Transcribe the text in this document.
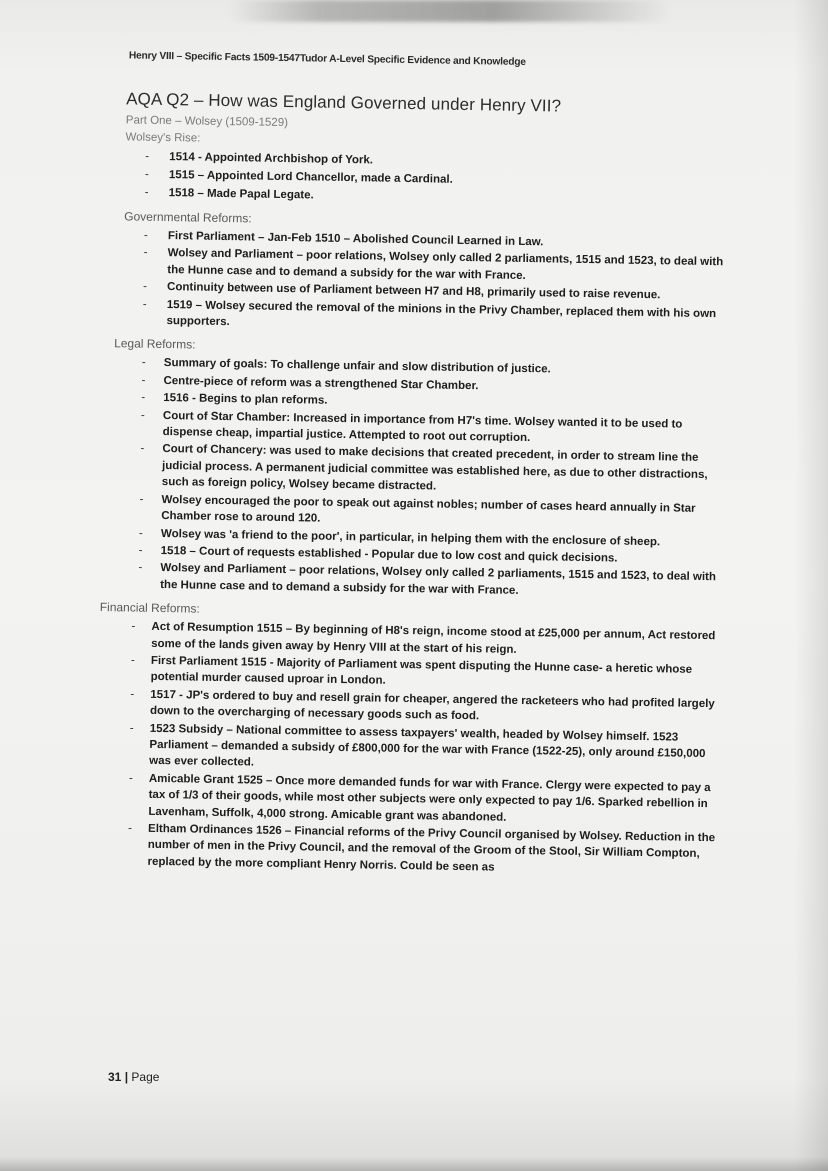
Henry VIII – Specific Facts 1509-1547Tudor A-Level Specific Evidence and Knowledge
AQA Q2 – How was England Governed under Henry VII?
Part One – Wolsey (1509-1529)
Wolsey's Rise:
- 1514 - Appointed Archbishop of York.
- 1515 – Appointed Lord Chancellor, made a Cardinal.
- 1518 – Made Papal Legate.
Governmental Reforms:
- First Parliament – Jan-Feb 1510 – Abolished Council Learned in Law.
- Wolsey and Parliament – poor relations, Wolsey only called 2 parliaments, 1515 and 1523, to deal with the Hunne case and to demand a subsidy for the war with France.
- Continuity between use of Parliament between H7 and H8, primarily used to raise revenue.
- 1519 – Wolsey secured the removal of the minions in the Privy Chamber, replaced them with his own supporters.
Legal Reforms:
- Summary of goals: To challenge unfair and slow distribution of justice.
- Centre-piece of reform was a strengthened Star Chamber.
- 1516 - Begins to plan reforms.
- Court of Star Chamber: Increased in importance from H7's time. Wolsey wanted it to be used to dispense cheap, impartial justice. Attempted to root out corruption.
- Court of Chancery: was used to make decisions that created precedent, in order to stream line the judicial process. A permanent judicial committee was established here, as due to other distractions, such as foreign policy, Wolsey became distracted.
- Wolsey encouraged the poor to speak out against nobles; number of cases heard annually in Star Chamber rose to around 120.
- Wolsey was 'a friend to the poor', in particular, in helping them with the enclosure of sheep.
- 1518 – Court of requests established - Popular due to low cost and quick decisions.
- Wolsey and Parliament – poor relations, Wolsey only called 2 parliaments, 1515 and 1523, to deal with the Hunne case and to demand a subsidy for the war with France.
Financial Reforms:
- Act of Resumption 1515 – By beginning of H8's reign, income stood at £25,000 per annum, Act restored some of the lands given away by Henry VIII at the start of his reign.
- First Parliament 1515 - Majority of Parliament was spent disputing the Hunne case- a heretic whose potential murder caused uproar in London.
- 1517 - JP's ordered to buy and resell grain for cheaper, angered the racketeers who had profited largely down to the overcharging of necessary goods such as food.
- 1523 Subsidy – National committee to assess taxpayers' wealth, headed by Wolsey himself. 1523 Parliament – demanded a subsidy of £800,000 for the war with France (1522-25), only around £150,000 was ever collected.
- Amicable Grant 1525 – Once more demanded funds for war with France. Clergy were expected to pay a tax of 1/3 of their goods, while most other subjects were only expected to pay 1/6. Sparked rebellion in Lavenham, Suffolk, 4,000 strong. Amicable grant was abandoned.
- Eltham Ordinances 1526 – Financial reforms of the Privy Council organised by Wolsey. Reduction in the number of men in the Privy Council, and the removal of the Groom of the Stool, Sir William Compton, replaced by the more compliant Henry Norris. Could be seen as
31 | Page
